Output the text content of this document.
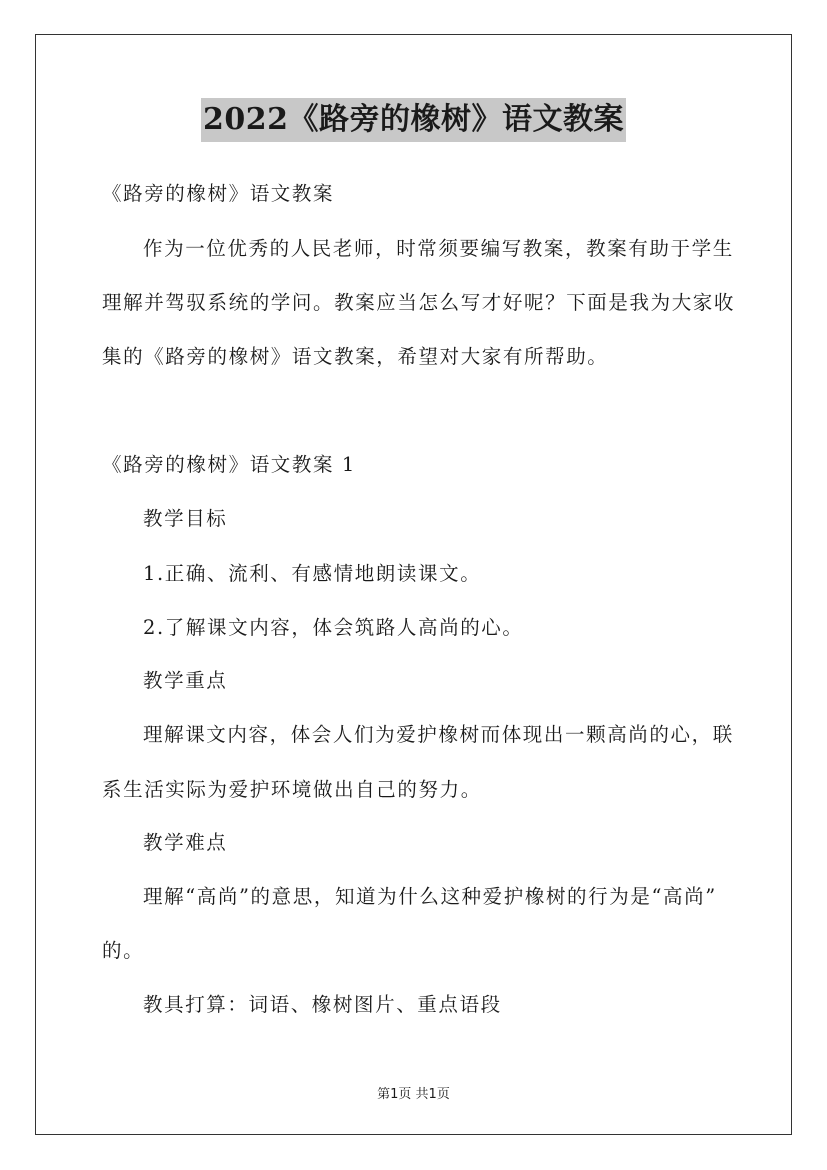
2022《路旁的橡树》语文教案
《路旁的橡树》语文教案
作为一位优秀的人民老师，时常须要编写教案，教案有助于学生
理解并驾驭系统的学问。教案应当怎么写才好呢？下面是我为大家收
集的《路旁的橡树》语文教案，希望对大家有所帮助。
《路旁的橡树》语文教案 1
教学目标
1.正确、流利、有感情地朗读课文。
2.了解课文内容，体会筑路人高尚的心。
教学重点
理解课文内容，体会人们为爱护橡树而体现出一颗高尚的心，联
系生活实际为爱护环境做出自己的努力。
教学难点
理解“高尚”的意思，知道为什么这种爱护橡树的行为是“高尚”
的。
教具打算：词语、橡树图片、重点语段
第1页 共1页
